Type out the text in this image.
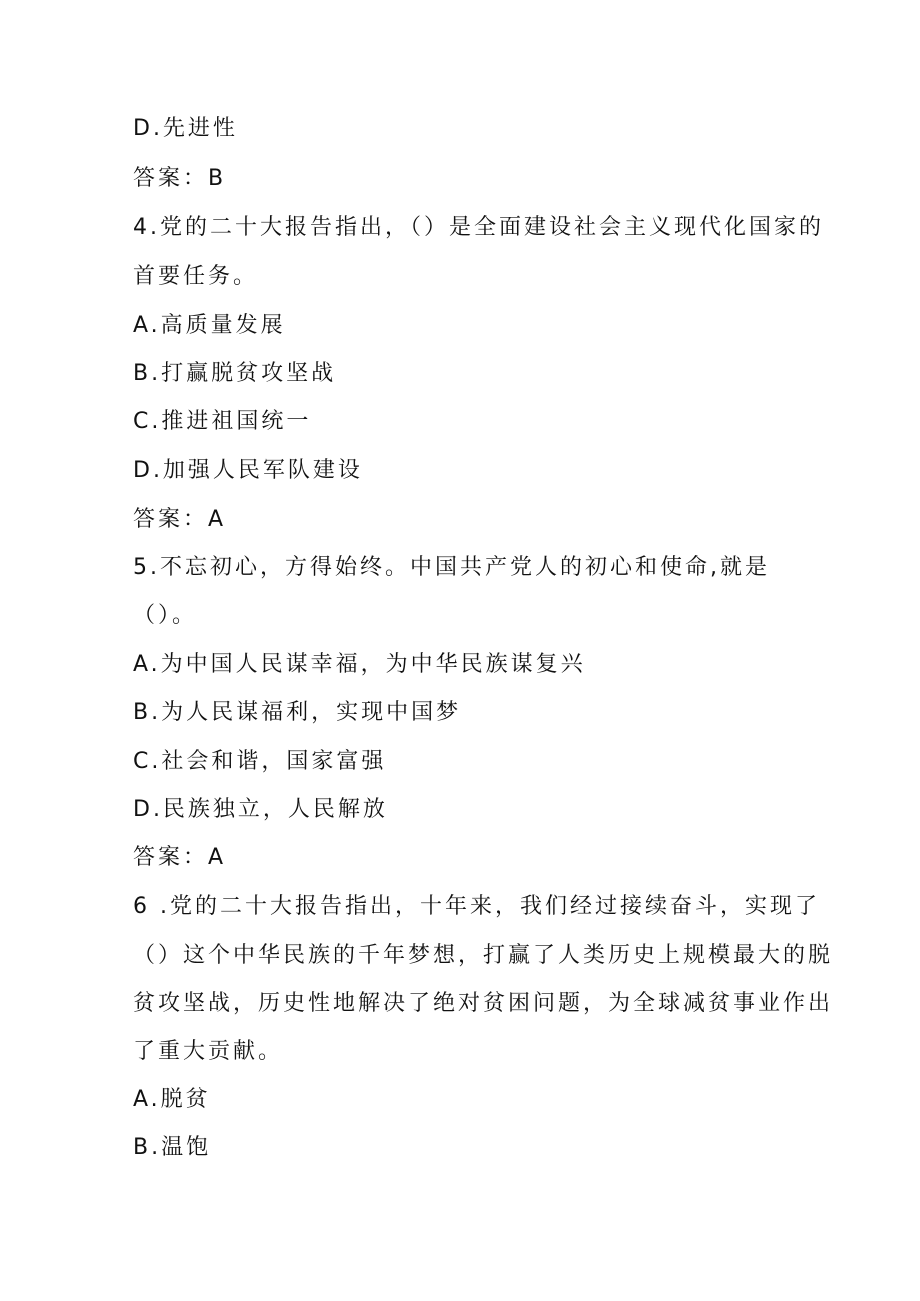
D.先进性
答案：B
4.党的二十大报告指出，（）是全面建设社会主义现代化国家的
首要任务。
A.高质量发展
B.打赢脱贫攻坚战
C.推进祖国统一
D.加强人民军队建设
答案：A
5.不忘初心，方得始终。中国共产党人的初心和使命,就是
（）。
A.为中国人民谋幸福，为中华民族谋复兴
B.为人民谋福利，实现中国梦
C.社会和谐，国家富强
D.民族独立，人民解放
答案：A
6 .党的二十大报告指出，十年来，我们经过接续奋斗，实现了
（）这个中华民族的千年梦想，打赢了人类历史上规模最大的脱
贫攻坚战，历史性地解决了绝对贫困问题，为全球减贫事业作出
了重大贡献。
A.脱贫
B.温饱
